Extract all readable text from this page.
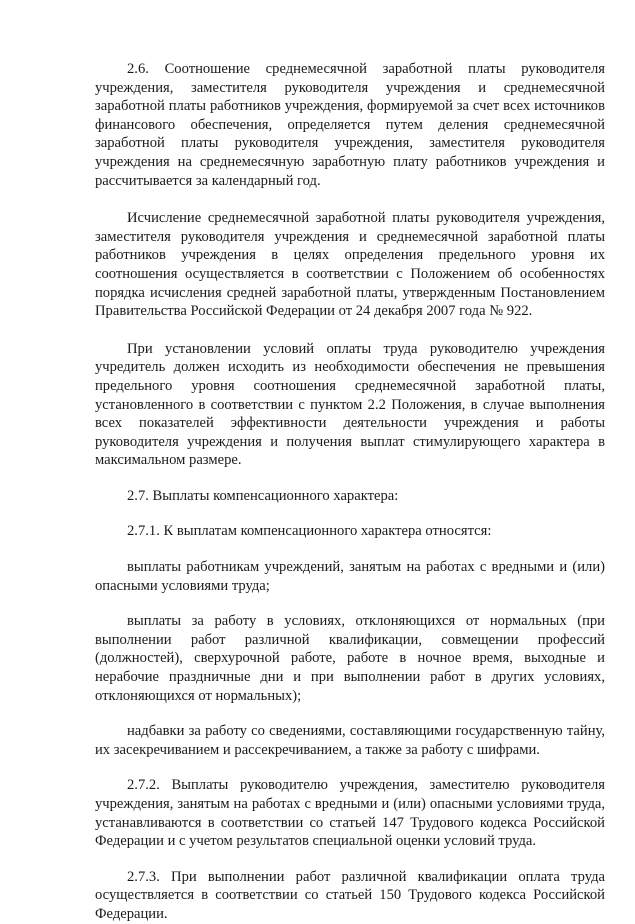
2.6. Соотношение среднемесячной заработной платы руководителя учреждения, заместителя руководителя учреждения и среднемесячной заработной платы работников учреждения, формируемой за счет всех источников финансового обеспечения, определяется путем деления среднемесячной заработной платы руководителя учреждения, заместителя руководителя учреждения на среднемесячную заработную плату работников учреждения и рассчитывается за календарный год.

Исчисление среднемесячной заработной платы руководителя учреждения, заместителя руководителя учреждения и среднемесячной заработной платы работников учреждения в целях определения предельного уровня их соотношения осуществляется в соответствии с Положением об особенностях порядка исчисления средней заработной платы, утвержденным Постановлением Правительства Российской Федерации от 24 декабря 2007 года № 922.

При установлении условий оплаты труда руководителю учреждения учредитель должен исходить из необходимости обеспечения не превышения предельного уровня соотношения среднемесячной заработной платы, установленного в соответствии с пунктом 2.2 Положения, в случае выполнения всех показателей эффективности деятельности учреждения и работы руководителя учреждения и получения выплат стимулирующего характера в максимальном размере.

2.7. Выплаты компенсационного характера:

2.7.1. К выплатам компенсационного характера относятся:

выплаты работникам учреждений, занятым на работах с вредными и (или) опасными условиями труда;

выплаты за работу в условиях, отклоняющихся от нормальных (при выполнении работ различной квалификации, совмещении профессий (должностей), сверхурочной работе, работе в ночное время, выходные и нерабочие праздничные дни и при выполнении работ в других условиях, отклоняющихся от нормальных);

надбавки за работу со сведениями, составляющими государственную тайну, их засекречиванием и рассекречиванием, а также за работу с шифрами.

2.7.2. Выплаты руководителю учреждения, заместителю руководителя учреждения, занятым на работах с вредными и (или) опасными условиями труда, устанавливаются в соответствии со статьей 147 Трудового кодекса Российской Федерации и с учетом результатов специальной оценки условий труда.

2.7.3. При выполнении работ различной квалификации оплата труда осуществляется в соответствии со статьей 150 Трудового кодекса Российской Федерации.
